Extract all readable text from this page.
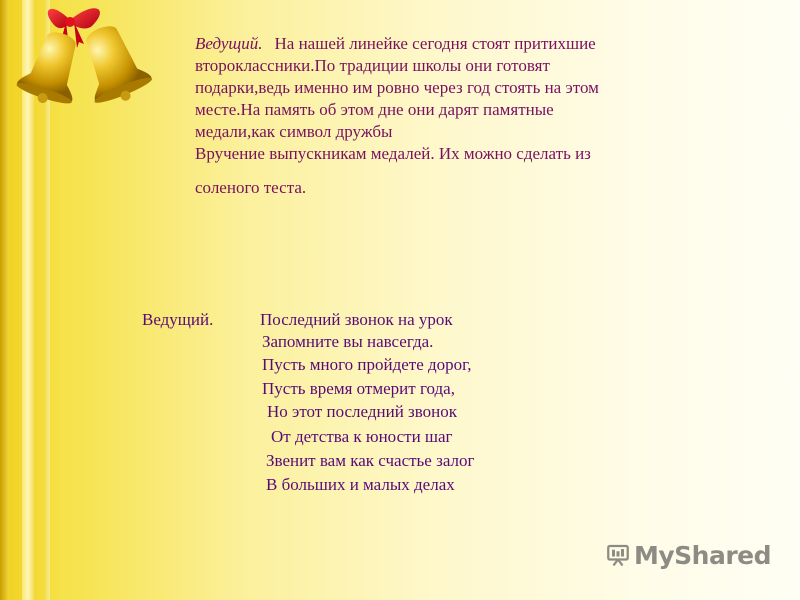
Ведущий. На нашей линейке сегодня стоят притихшие
второклассники.По традиции школы они готовят
подарки,ведь именно им ровно через год стоять на этом
месте.На память об этом дне они дарят памятные
медали,как символ дружбы
Вручение выпускникам медалей. Их можно сделать из
соленого теста.
Ведущий.	Последний звонок на урок
Запомните вы навсегда.
Пусть много пройдете дорог,
Пусть время отмерит года,
Но этот последний звонок
От детства к юности шаг
Звенит вам как счастье залог
В больших и малых делах
MyShared
